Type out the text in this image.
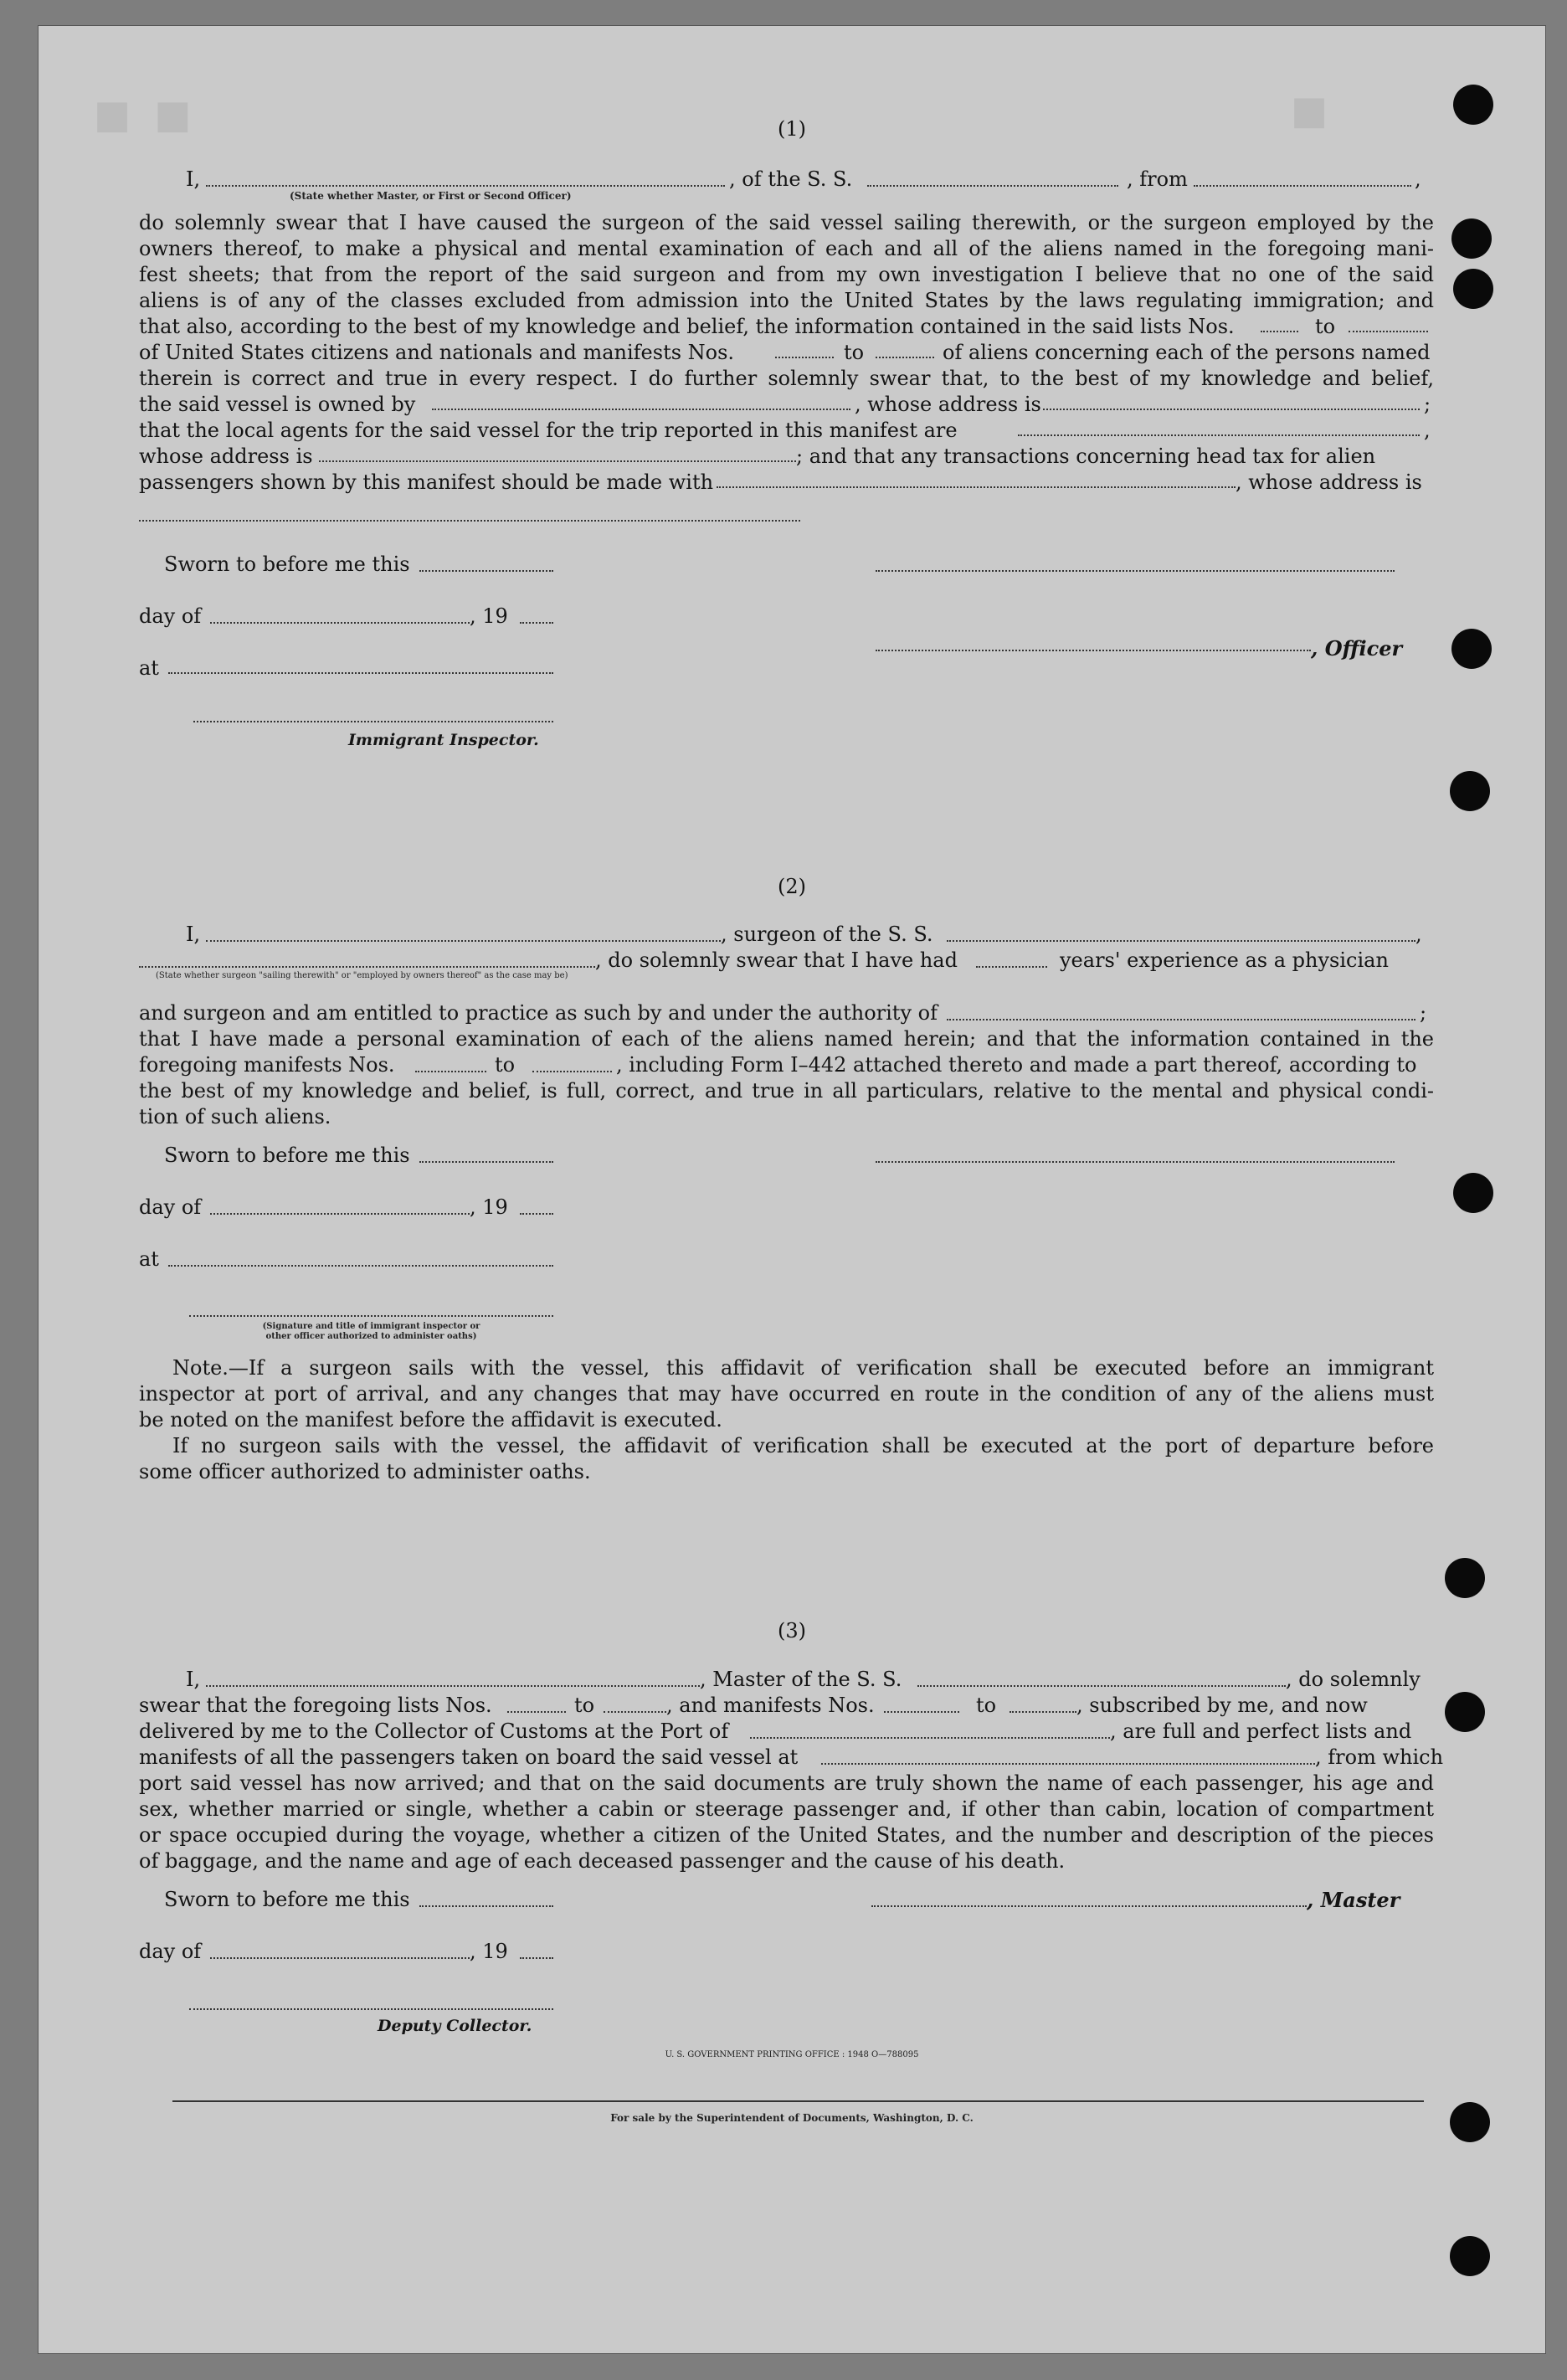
■ ■	■
(1)
I,	, of the S. S.	, from	,
(State whether Master, or First or Second Officer)
do solemnly swear that I have caused the surgeon of the said vessel sailing therewith, or the surgeon employed by the
owners thereof, to make a physical and mental examination of each and all of the aliens named in the foregoing mani-
fest sheets; that from the report of the said surgeon and from my own investigation I believe that no one of the said
aliens is of any of the classes excluded from admission into the United States by the laws regulating immigration; and
that also, according to the best of my knowledge and belief, the information contained in the said lists Nos.	to
of United States citizens and nationals and manifests Nos.	to	of aliens concerning each of the persons named
therein is correct and true in every respect. I do further solemnly swear that, to the best of my knowledge and belief,
the said vessel is owned by	, whose address is	;
that the local agents for the said vessel for the trip reported in this manifest are	,
whose address is	; and that any transactions concerning head tax for alien
passengers shown by this manifest should be made with	, whose address is
Sworn to before me this
day of	, 19
, Officer
at
Immigrant Inspector.
(2)
I,	, surgeon of the S. S.	,
, do solemnly swear that I have had	years' experience as a physician
(State whether surgeon "sailing therewith" or "employed by owners thereof" as the case may be)
and surgeon and am entitled to practice as such by and under the authority of	;
that I have made a personal examination of each of the aliens named herein; and that the information contained in the
foregoing manifests Nos.	to	, including Form I–442 attached thereto and made a part thereof, according to
the best of my knowledge and belief, is full, correct, and true in all particulars, relative to the mental and physical condi-
tion of such aliens.
Sworn to before me this
day of	, 19
at
(Signature and title of immigrant inspector or
other officer authorized to administer oaths)
Note.—If a surgeon sails with the vessel, this affidavit of verification shall be executed before an immigrant
inspector at port of arrival, and any changes that may have occurred en route in the condition of any of the aliens must
be noted on the manifest before the affidavit is executed.
If no surgeon sails with the vessel, the affidavit of verification shall be executed at the port of departure before
some officer authorized to administer oaths.
(3)
I,	, Master of the S. S.	, do solemnly
swear that the foregoing lists Nos.	to	, and manifests Nos.	to	, subscribed by me, and now
delivered by me to the Collector of Customs at the Port of	, are full and perfect lists and
manifests of all the passengers taken on board the said vessel at	, from which
port said vessel has now arrived; and that on the said documents are truly shown the name of each passenger, his age and
sex, whether married or single, whether a cabin or steerage passenger and, if other than cabin, location of compartment
or space occupied during the voyage, whether a citizen of the United States, and the number and description of the pieces
of baggage, and the name and age of each deceased passenger and the cause of his death.
Sworn to before me this	, Master
day of	, 19
Deputy Collector.
U. S. GOVERNMENT PRINTING OFFICE : 1948 O—788095
For sale by the Superintendent of Documents, Washington, D. C.
